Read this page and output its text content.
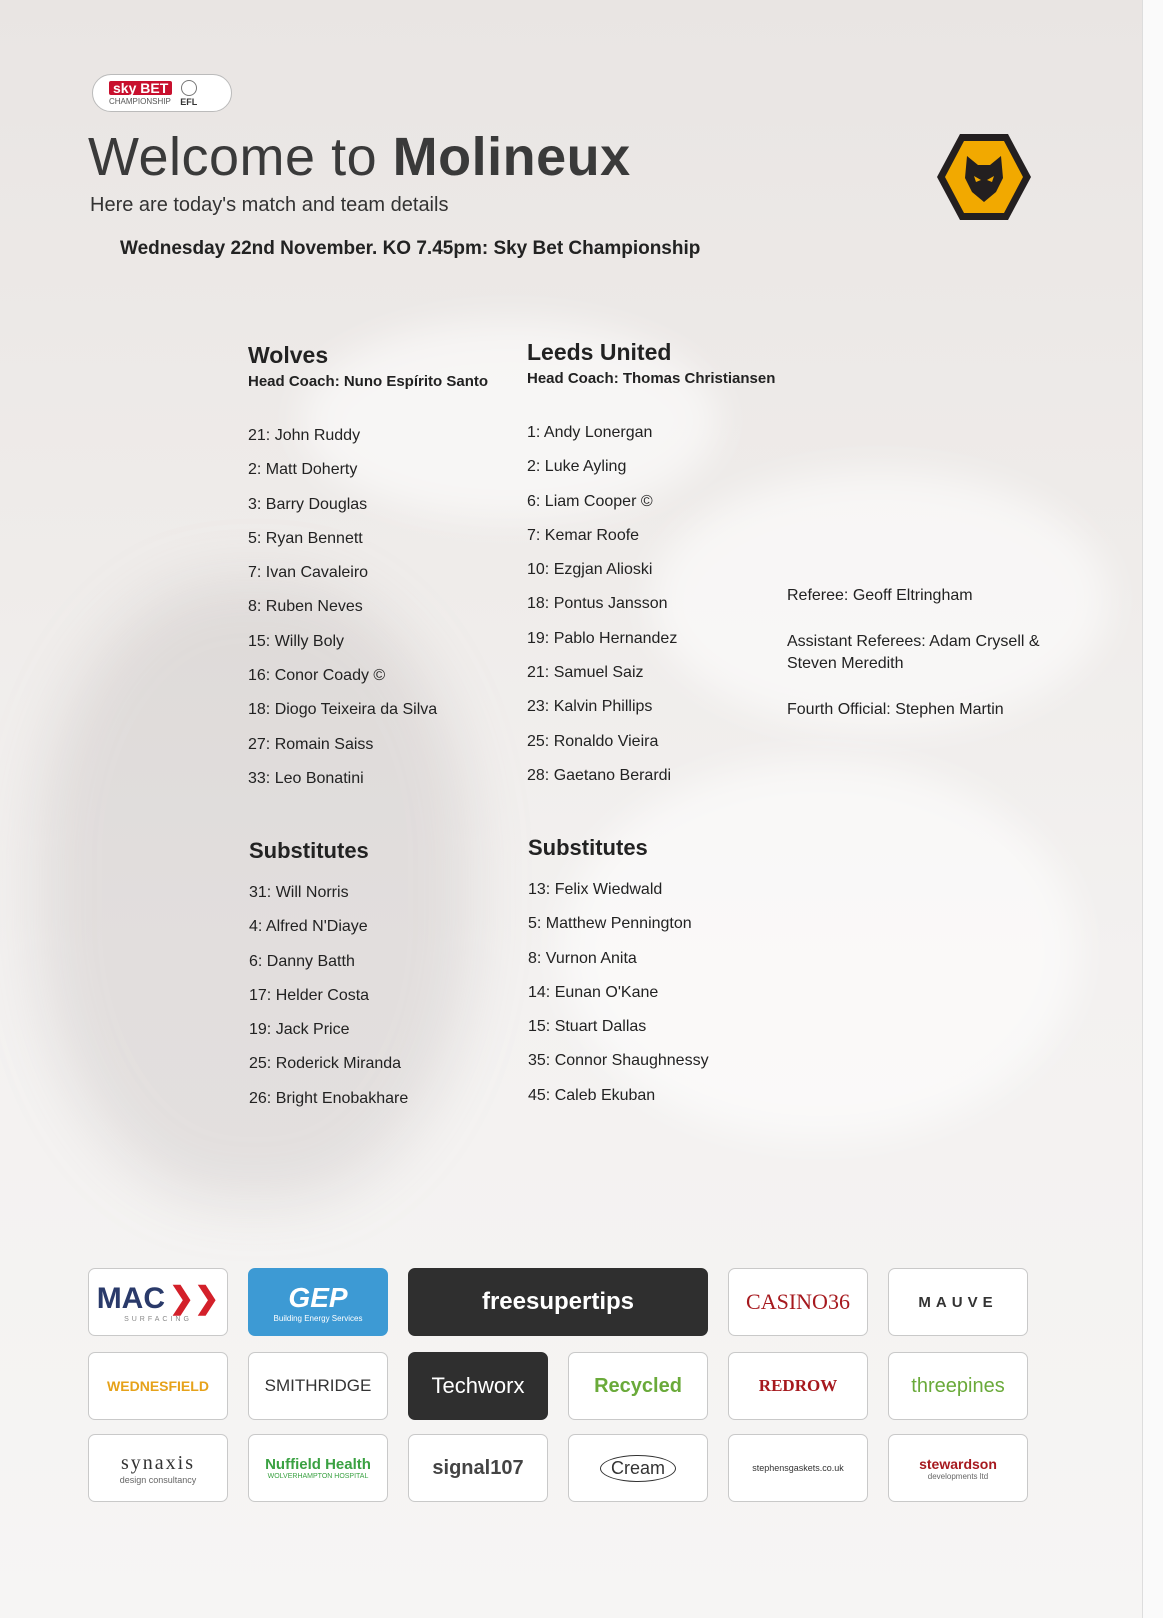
sky BET
CHAMPIONSHIP EFL
Welcome to Molineux
Here are today's match and team details
Wednesday 22nd November. KO 7.45pm: Sky Bet Championship
Wolves
Head Coach: Nuno Espírito Santo
21: John Ruddy
2: Matt Doherty
3: Barry Douglas
5: Ryan Bennett
7: Ivan Cavaleiro
8: Ruben Neves
15: Willy Boly
16: Conor Coady ©
18: Diogo Teixeira da Silva
27: Romain Saiss
33: Leo Bonatini
Substitutes
31: Will Norris
4: Alfred N'Diaye
6: Danny Batth
17: Helder Costa
19: Jack Price
25: Roderick Miranda
26: Bright Enobakhare
Leeds United
Head Coach: Thomas Christiansen
1: Andy Lonergan
2: Luke Ayling
6: Liam Cooper ©
7: Kemar Roofe
10: Ezgjan Alioski
18: Pontus Jansson
19: Pablo Hernandez
21: Samuel Saiz
23: Kalvin Phillips
25: Ronaldo Vieira
28: Gaetano Berardi
Substitutes
13: Felix Wiedwald
5: Matthew Pennington
8: Vurnon Anita
14: Eunan O'Kane
15: Stuart Dallas
35: Connor Shaughnessy
45: Caleb Ekuban
Referee: Geoff Eltringham
Assistant Referees: Adam Crysell &
Steven Meredith
Fourth Official: Stephen Martin
MAC ❯❯
SURFACING
GEP
Building Energy Services
freesupertips	CASINO36	MAUVE
WEDNESFIELD	SMITHRIDGE	Techworx	Recycled	REDROW	threepines
synaxis
design consultancy
Nuffield Health
WOLVERHAMPTON HOSPITAL	signal107	Cream	stephensgaskets.co.uk	stewardson
developments ltd
